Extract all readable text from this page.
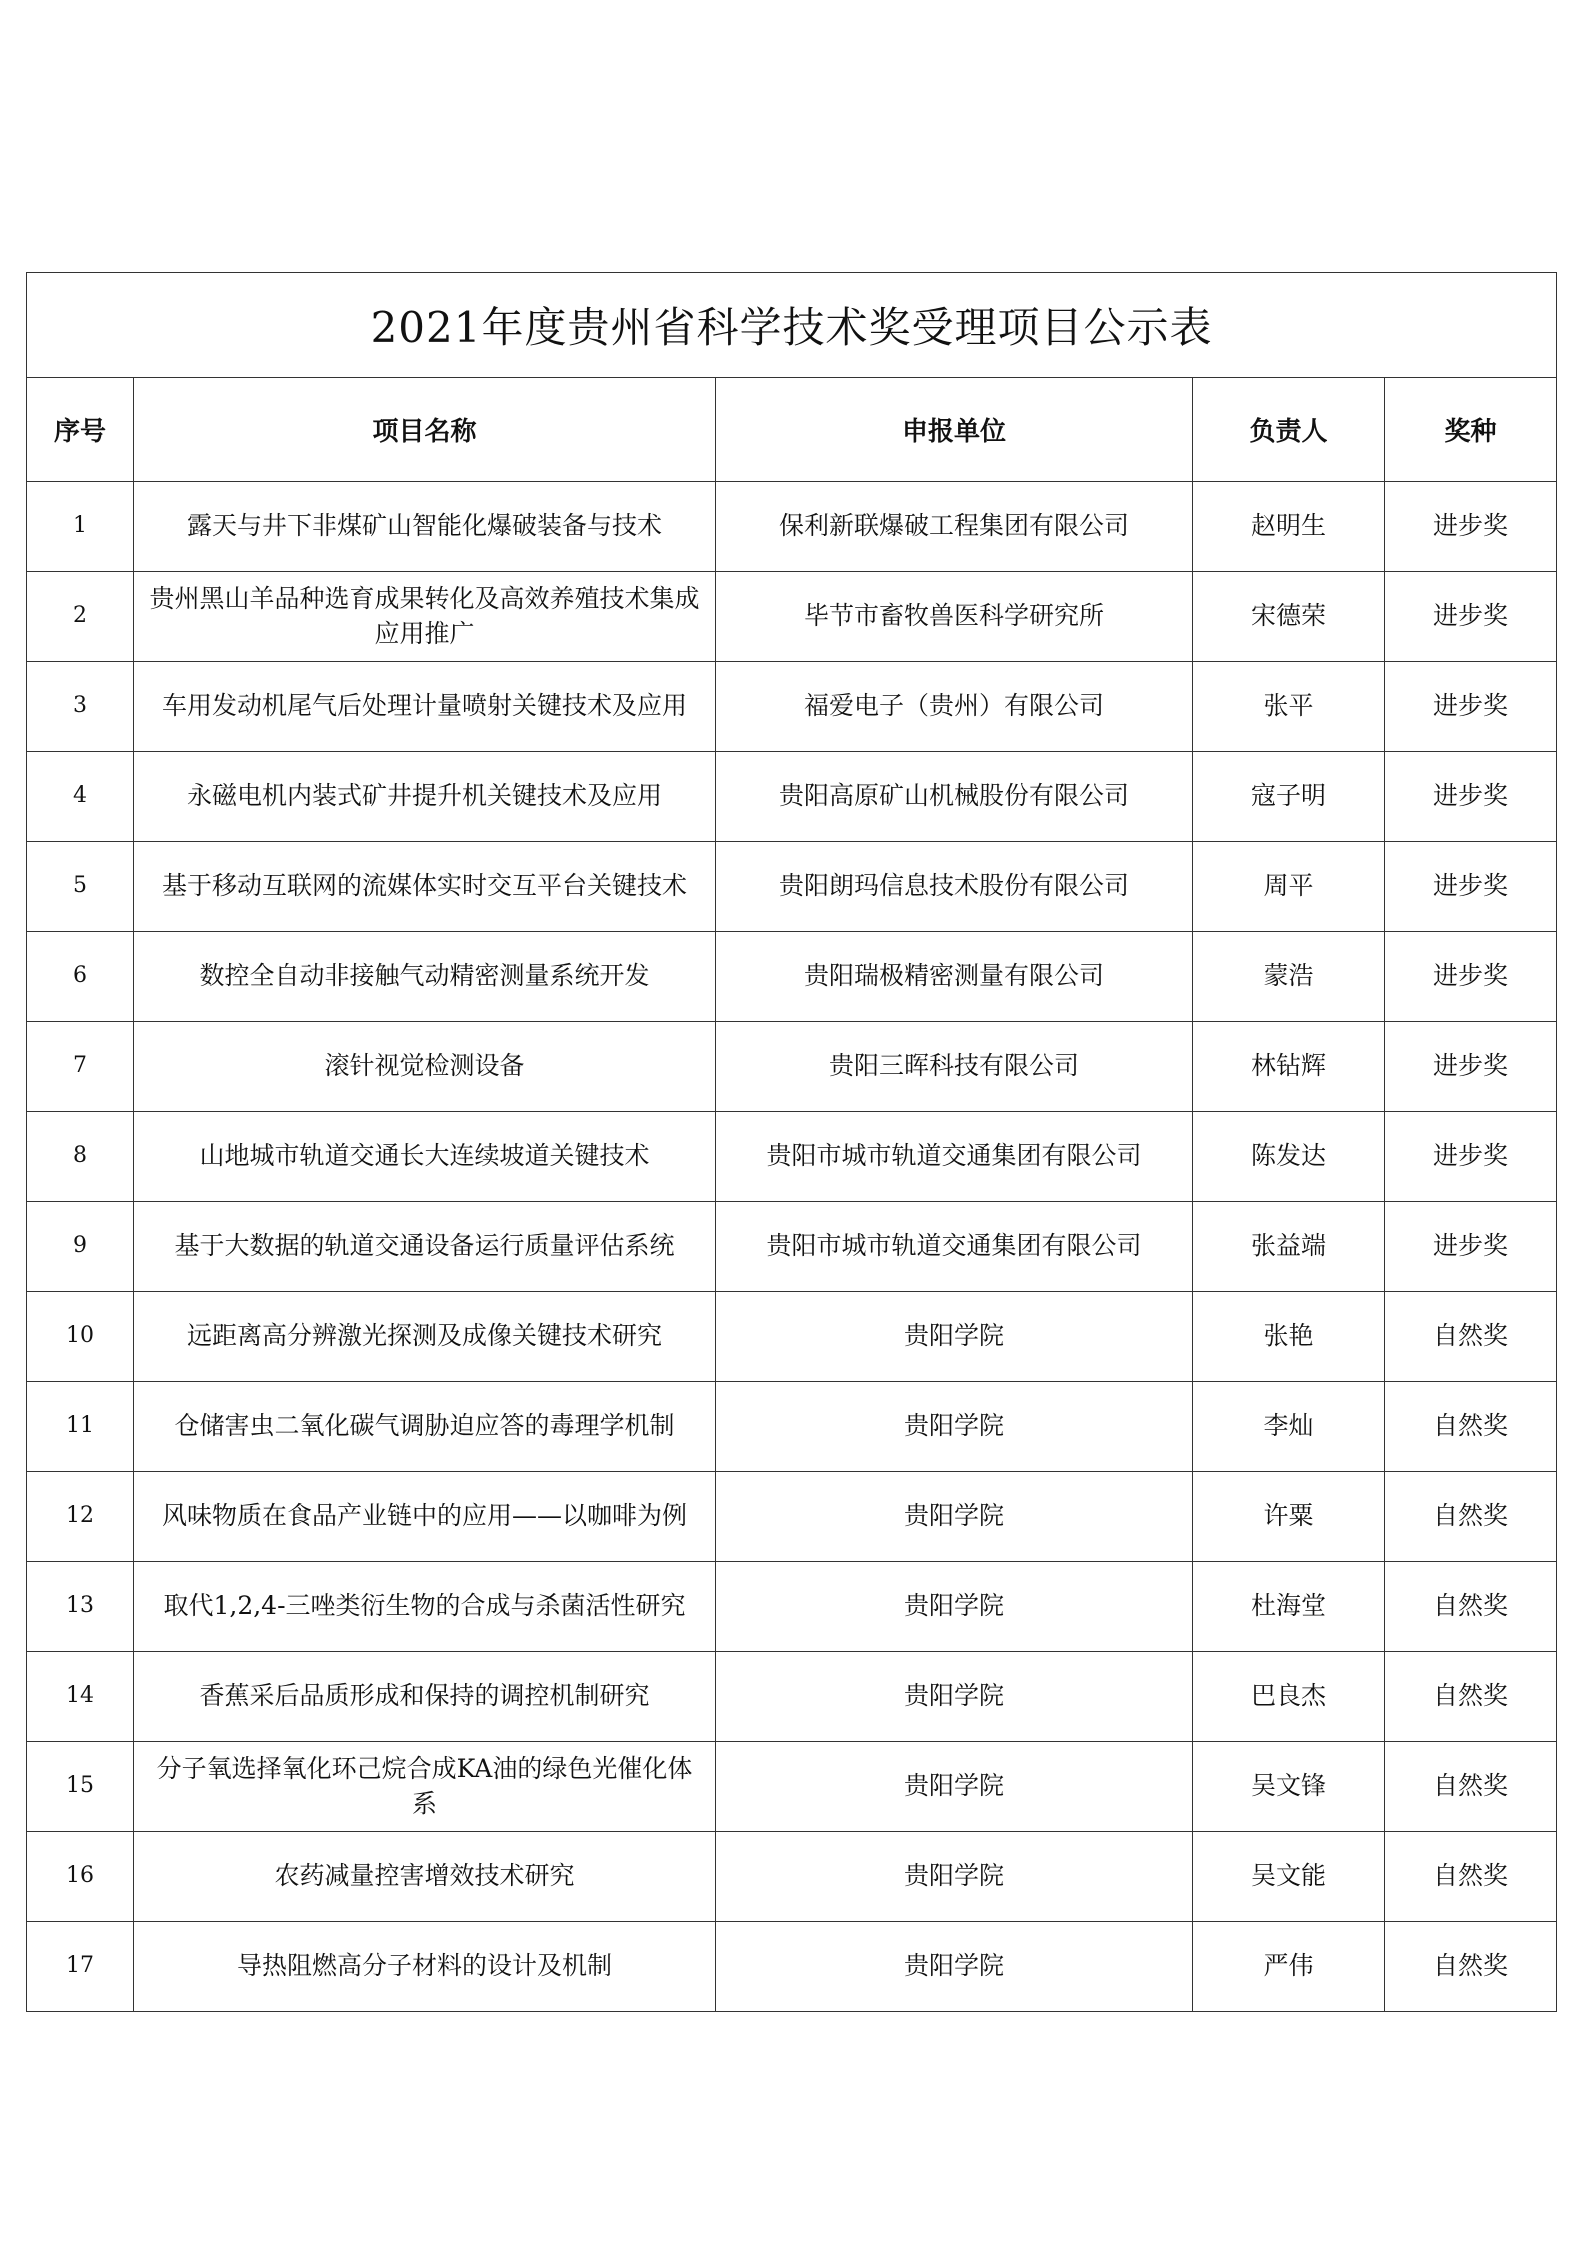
2021年度贵州省科学技术奖受理项目公示表				
序号	项目名称	申报单位	负责人	奖种
1	露天与井下非煤矿山智能化爆破装备与技术	保利新联爆破工程集团有限公司	赵明生	进步奖
2	贵州黑山羊品种选育成果转化及高效养殖技术集成应用推广	毕节市畜牧兽医科学研究所	宋德荣	进步奖
3	车用发动机尾气后处理计量喷射关键技术及应用	福爱电子（贵州）有限公司	张平	进步奖
4	永磁电机内装式矿井提升机关键技术及应用	贵阳高原矿山机械股份有限公司	寇子明	进步奖
5	基于移动互联网的流媒体实时交互平台关键技术	贵阳朗玛信息技术股份有限公司	周平	进步奖
6	数控全自动非接触气动精密测量系统开发	贵阳瑞极精密测量有限公司	蒙浩	进步奖
7	滚针视觉检测设备	贵阳三晖科技有限公司	林钻辉	进步奖
8	山地城市轨道交通长大连续坡道关键技术	贵阳市城市轨道交通集团有限公司	陈发达	进步奖
9	基于大数据的轨道交通设备运行质量评估系统	贵阳市城市轨道交通集团有限公司	张益端	进步奖
10	远距离高分辨激光探测及成像关键技术研究	贵阳学院	张艳	自然奖
11	仓储害虫二氧化碳气调胁迫应答的毒理学机制	贵阳学院	李灿	自然奖
12	风味物质在食品产业链中的应用——以咖啡为例	贵阳学院	许粟	自然奖
13	取代1,2,4-三唑类衍生物的合成与杀菌活性研究	贵阳学院	杜海堂	自然奖
14	香蕉采后品质形成和保持的调控机制研究	贵阳学院	巴良杰	自然奖
15	分子氧选择氧化环己烷合成KA油的绿色光催化体系	贵阳学院	吴文锋	自然奖
16	农药减量控害增效技术研究	贵阳学院	吴文能	自然奖
17	导热阻燃高分子材料的设计及机制	贵阳学院	严伟	自然奖
